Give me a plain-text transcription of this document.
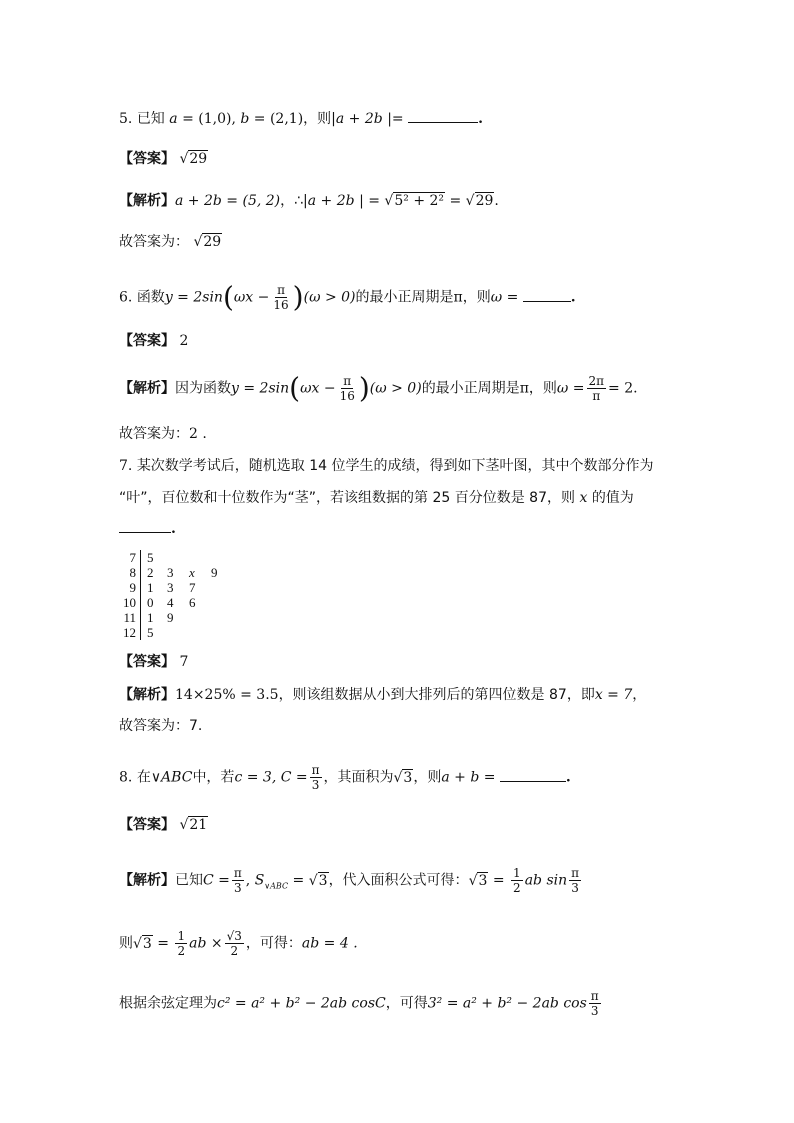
5. 已知 a = (1,0), b = (2,1)，则|a + 2b |=	.
【答案】 √29
【解析】a + 2b = (5, 2)，∴|a + 2b | = √5² + 2² = √29.
故答案为： √29
6. 函数$y = 2\sin(\omega x - \frac{\pi}{16} )(\omega > 0)$的最小正周期是π，则ω =	.
【答案】 2
【解析】因为函数$y = 2\sin(\omega x - \frac{\pi}{16} )(\omega > 0)$的最小正周期是π，则$\omega = \frac{2\pi}{\pi} = 2$.
故答案为：2 .
7. 某次数学考试后，随机选取 14 位学生的成绩，得到如下茎叶图，其中个数部分作为
“叶”，百位数和十位数作为“茎”，若该组数据的第 25 百分位数是 87，则 x 的值为
.
7	5			
8	2	3	x	9
9	1	3	7	
10	0	4	6	
11	1	9		
12	5			
【答案】 7
【解析】14×25% = 3.5，则该组数据从小到大排列后的第四位数是 87，即x = 7，
故答案为：7.
8. 在∨ABC中，若c = 3, $C = \frac{\pi}{3}$ ，其面积为√3，则a + b =	.
【答案】 √21
【解析】已知$C = \frac{\pi}{3}$ , $S_{\vee ABC} = √3$，代入面积公式可得：$√3 = \frac{1}{2}$ ab $\sin \frac{\pi}{3}$
则$√3 = \frac{1}{2}$ ab × $\frac{√3}{2}$ ，可得：ab = 4 .
根据余弦定理为c² = a² + b² − 2ab cosC，可得3² = a² + b² − 2ab $\cos \frac{\pi}{3}$
